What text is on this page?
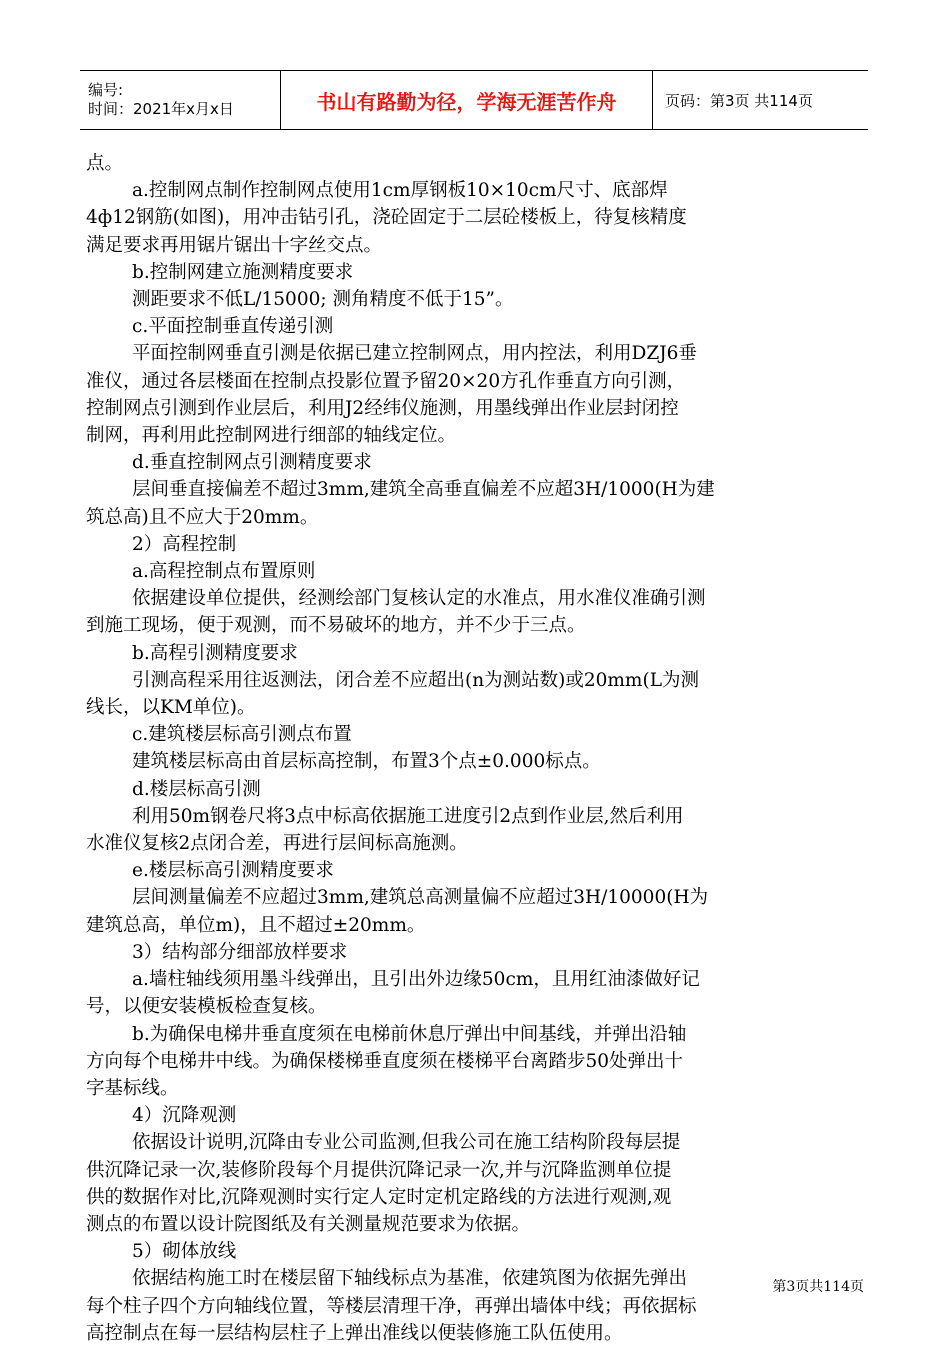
编号:
时间：2021年x月x日	书山有路勤为径，学海无涯苦作舟	页码：第3页 共114页

点。

a.控制网点制作控制网点使用1cm厚钢板10×10cm尺寸、底部焊

4ф12钢筋(如图)，用冲击钻引孔，浇砼固定于二层砼楼板上，待复核精度

满足要求再用锯片锯出十字丝交点。

b.控制网建立施测精度要求

测距要求不低L/15000; 测角精度不低于15”。

c.平面控制垂直传递引测

平面控制网垂直引测是依据已建立控制网点，用内控法，利用DZJ6垂

准仪，通过各层楼面在控制点投影位置予留20×20方孔作垂直方向引测，

控制网点引测到作业层后，利用J2经纬仪施测，用墨线弹出作业层封闭控

制网，再利用此控制网进行细部的轴线定位。

d.垂直控制网点引测精度要求

层间垂直接偏差不超过3mm,建筑全高垂直偏差不应超3H/1000(H为建

筑总高)且不应大于20mm。

2）高程控制

a.高程控制点布置原则

依据建设单位提供，经测绘部门复核认定的水准点，用水准仪准确引测

到施工现场，便于观测，而不易破坏的地方，并不少于三点。

b.高程引测精度要求

引测高程采用往返测法，闭合差不应超出(n为测站数)或20mm(L为测

线长，以KM单位)。

c.建筑楼层标高引测点布置

建筑楼层标高由首层标高控制，布置3个点±0.000标点。

d.楼层标高引测

利用50m钢卷尺将3点中标高依据施工进度引2点到作业层,然后利用

水准仪复核2点闭合差，再进行层间标高施测。

e.楼层标高引测精度要求

层间测量偏差不应超过3mm,建筑总高测量偏不应超过3H/10000(H为

建筑总高，单位m)，且不超过±20mm。

3）结构部分细部放样要求

a.墙柱轴线须用墨斗线弹出，且引出外边缘50cm，且用红油漆做好记

号，以便安装模板检查复核。

b.为确保电梯井垂直度须在电梯前休息厅弹出中间基线，并弹出沿轴

方向每个电梯井中线。为确保楼梯垂直度须在楼梯平台离踏步50处弹出十

字基标线。

4）沉降观测

依据设计说明,沉降由专业公司监测,但我公司在施工结构阶段每层提

供沉降记录一次,装修阶段每个月提供沉降记录一次,并与沉降监测单位提

供的数据作对比,沉降观测时实行定人定时定机定路线的方法进行观测,观

测点的布置以设计院图纸及有关测量规范要求为依据。

5）砌体放线

依据结构施工时在楼层留下轴线标点为基准，依建筑图为依据先弹出

每个柱子四个方向轴线位置，等楼层清理干净，再弹出墙体中线；再依据标

高控制点在每一层结构层柱子上弹出准线以便装修施工队伍使用。

第3页共114页
